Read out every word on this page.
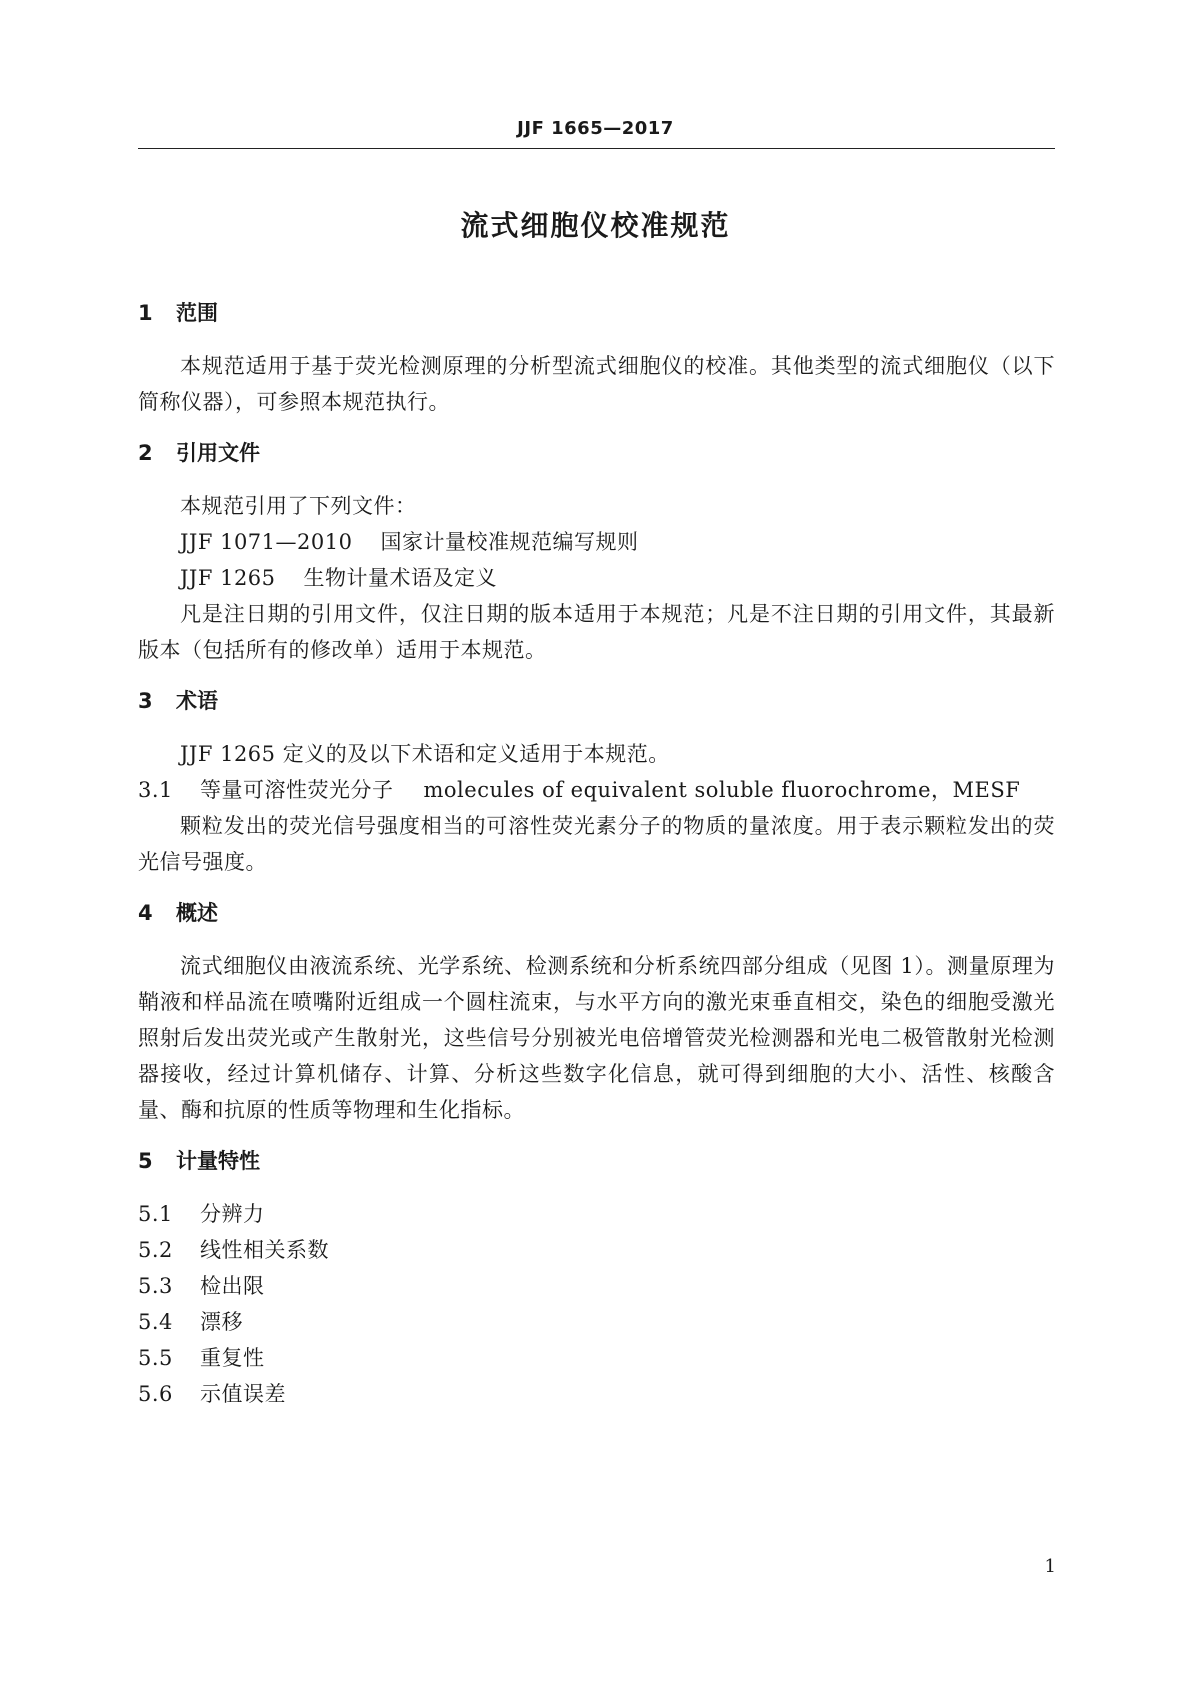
JJF 1665—2017
流式细胞仪校准规范
1 范围
本规范适用于基于荧光检测原理的分析型流式细胞仪的校准。其他类型的流式细胞仪（以下简称仪器），可参照本规范执行。
2 引用文件
本规范引用了下列文件：
JJF 1071—2010 国家计量校准规范编写规则
JJF 1265 生物计量术语及定义
凡是注日期的引用文件，仅注日期的版本适用于本规范；凡是不注日期的引用文件，其最新版本（包括所有的修改单）适用于本规范。
3 术语
JJF 1265 定义的及以下术语和定义适用于本规范。
3.1 等量可溶性荧光分子 molecules of equivalent soluble fluorochrome，MESF
颗粒发出的荧光信号强度相当的可溶性荧光素分子的物质的量浓度。用于表示颗粒发出的荧光信号强度。
4 概述
流式细胞仪由液流系统、光学系统、检测系统和分析系统四部分组成（见图 1）。测量原理为鞘液和样品流在喷嘴附近组成一个圆柱流束，与水平方向的激光束垂直相交，染色的细胞受激光照射后发出荧光或产生散射光，这些信号分别被光电倍增管荧光检测器和光电二极管散射光检测器接收，经过计算机储存、计算、分析这些数字化信息，就可得到细胞的大小、活性、核酸含量、酶和抗原的性质等物理和生化指标。
5 计量特性
5.1 分辨力
5.2 线性相关系数
5.3 检出限
5.4 漂移
5.5 重复性
5.6 示值误差
1
